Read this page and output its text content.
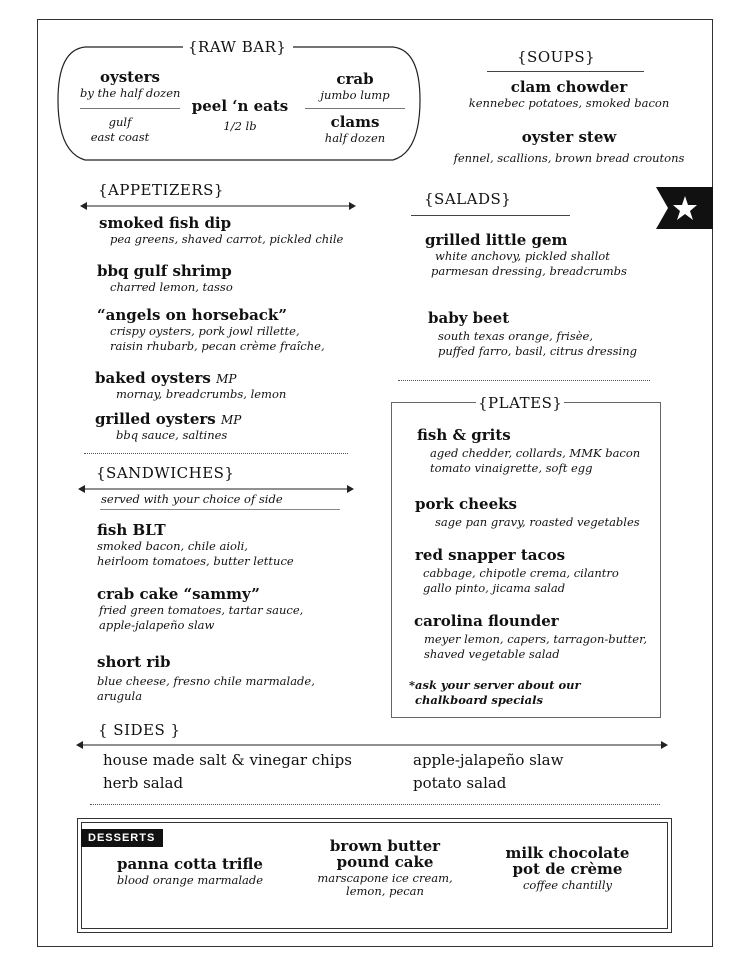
{RAW BAR}
oysters
by the half dozen
gulf
east coast
peel ‘n eats
1/2 lb
crab
jumbo lump
clams
half dozen
{SOUPS}
clam chowder
kennebec potatoes, smoked bacon
oyster stew
fennel, scallions, brown bread croutons
{APPETIZERS}
smoked fish dip
pea greens, shaved carrot, pickled chile
bbq gulf shrimp
charred lemon, tasso
“angels on horseback”
crispy oysters, pork jowl rillette,
raisin rhubarb, pecan crème fraîche,
baked oysters MP
mornay, breadcrumbs, lemon
grilled oysters MP
bbq sauce, saltines
{SALADS}
grilled little gem
white anchovy, pickled shallot
parmesan dressing, breadcrumbs
baby beet
south texas orange, frisèe,
puffed farro, basil, citrus dressing
{SANDWICHES}
served with your choice of side
fish BLT
smoked bacon, chile aioli,
heirloom tomatoes, butter lettuce
crab cake “sammy”
fried green tomatoes, tartar sauce,
apple-jalapeño slaw
short rib
blue cheese, fresno chile marmalade,
arugula
{PLATES}
fish & grits
aged chedder, collards, MMK bacon
tomato vinaigrette, soft egg
pork cheeks
sage pan gravy, roasted vegetables
red snapper tacos
cabbage, chipotle crema, cilantro
gallo pinto, jicama salad
carolina flounder
meyer lemon, capers, tarragon-butter,
shaved vegetable salad
*ask your server about our
chalkboard specials
{ SIDES }
house made salt & vinegar chips
herb salad
apple-jalapeño slaw
potato salad
DESSERTS
panna cotta trifle
blood orange marmalade
brown butter
pound cake
marscapone ice cream,
lemon, pecan
milk chocolate
pot de crème
coffee chantilly
